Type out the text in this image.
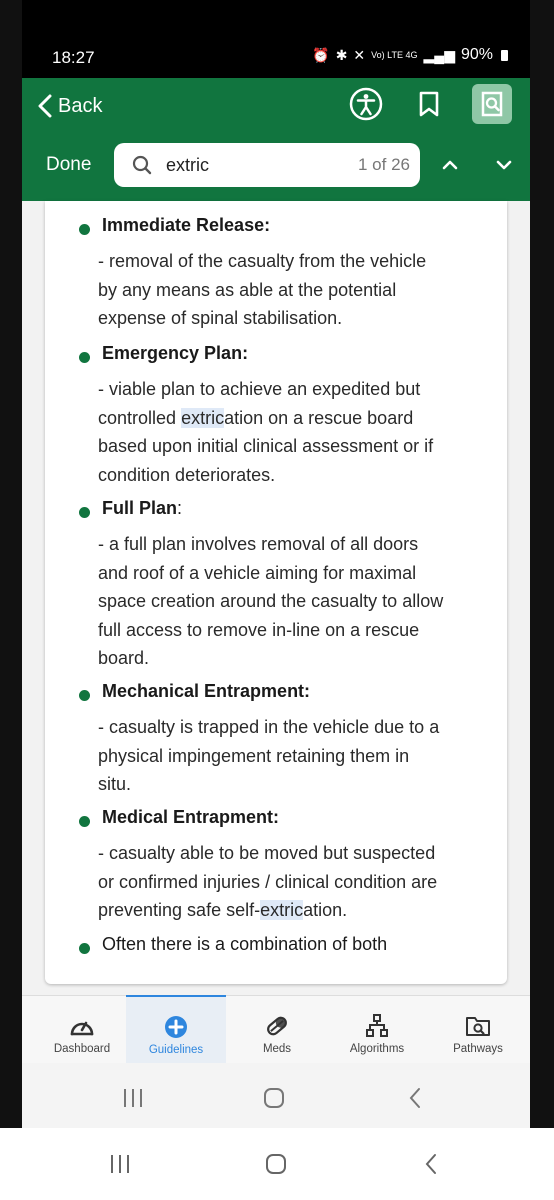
18:27	⏰ ✱ ✕ Vo) LTE 4G ▂▄▆ 90%
Back
Done
extric	1 of 26
Immediate Release:
- removal of the casualty from the vehicle
by any means as able at the potential
expense of spinal stabilisation.
Emergency Plan:
- viable plan to achieve an expedited but
controlled extrication on a rescue board
based upon initial clinical assessment or if
condition deteriorates.
Full Plan:
- a full plan involves removal of all doors
and roof of a vehicle aiming for maximal
space creation around the casualty to allow
full access to remove in-line on a rescue
board.
Mechanical Entrapment:
- casualty is trapped in the vehicle due to a
physical impingement retaining them in
situ.
Medical Entrapment:
- casualty able to be moved but suspected
or confirmed injuries / clinical condition are
preventing safe self-extrication.
Often there is a combination of both
Dashboard	Guidelines	Meds	Algorithms	Pathways
